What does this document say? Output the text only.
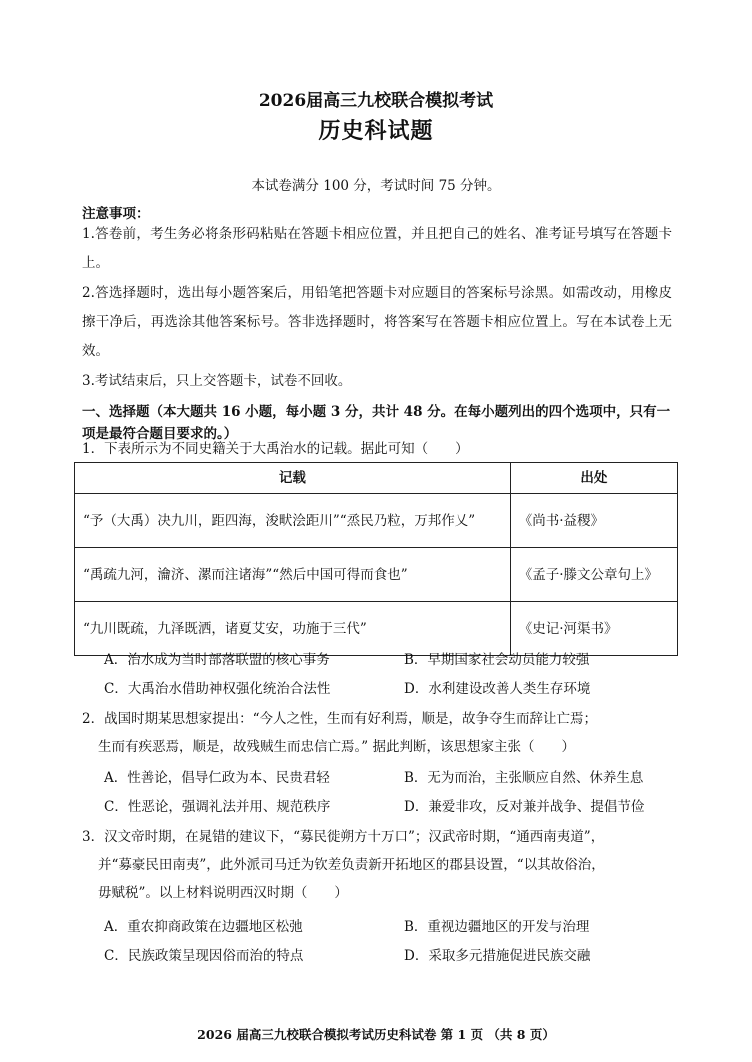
2026届高三九校联合模拟考试
历史科试题
本试卷满分 100 分，考试时间 75 分钟。
注意事项：
1.答卷前，考生务必将条形码粘贴在答题卡相应位置，并且把自己的姓名、准考证号填写在答题卡上。
2.答选择题时，选出每小题答案后，用铅笔把答题卡对应题目的答案标号涂黑。如需改动，用橡皮擦干净后，再选涂其他答案标号。答非选择题时，将答案写在答题卡相应位置上。写在本试卷上无效。
3.考试结束后，只上交答题卡，试卷不回收。
一、选择题（本大题共 16 小题，每小题 3 分，共计 48 分。在每小题列出的四个选项中，只有一项是最符合题目要求的。）
1．下表所示为不同史籍关于大禹治水的记载。据此可知（　　）
记载	出处
“予（大禹）决九川，距四海，浚畎浍距川”“烝民乃粒，万邦作乂”	《尚书·益稷》
“禹疏九河，瀹济、漯而注诸海”“然后中国可得而食也”	《孟子·滕文公章句上》
“九川既疏，九泽既洒，诸夏艾安，功施于三代”	《史记·河渠书》
A．治水成为当时部落联盟的核心事务	B．早期国家社会动员能力较强
C．大禹治水借助神权强化统治合法性	D．水利建设改善人类生存环境
2．战国时期某思想家提出：“今人之性，生而有好利焉，顺是，故争夺生而辞让亡焉；
生而有疾恶焉，顺是，故残贼生而忠信亡焉。” 据此判断，该思想家主张（　　）
A．性善论，倡导仁政为本、民贵君轻	B．无为而治，主张顺应自然、休养生息
C．性恶论，强调礼法并用、规范秩序	D．兼爱非攻，反对兼并战争、提倡节俭
3．汉文帝时期，在晁错的建议下，“募民徙朔方十万口”；汉武帝时期，“通西南夷道”，
并“募豪民田南夷”，此外派司马迁为钦差负责新开拓地区的郡县设置，“以其故俗治，
毋赋税”。以上材料说明西汉时期（　　）
A．重农抑商政策在边疆地区松弛	B．重视边疆地区的开发与治理
C．民族政策呈现因俗而治的特点	D．采取多元措施促进民族交融
2026 届高三九校联合模拟考试历史科试卷 第 1 页 （共 8 页）
